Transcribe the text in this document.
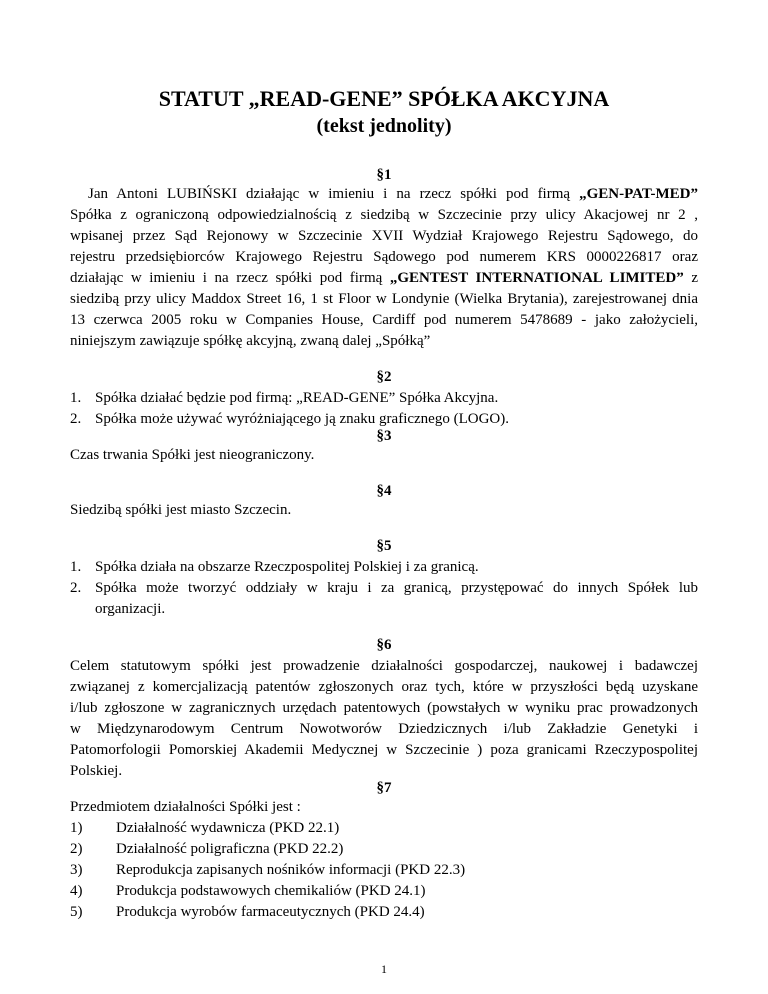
STATUT „READ-GENE” SPÓŁKA AKCYJNA
(tekst jednolity)
§1
Jan Antoni LUBIŃSKI działając w imieniu i na rzecz spółki pod firmą „GEN-PAT-MED”
Spółka z ograniczoną odpowiedzialnością z siedzibą w Szczecinie przy ulicy Akacjowej nr 2 ,
wpisanej przez Sąd Rejonowy w Szczecinie XVII Wydział Krajowego Rejestru Sądowego, do
rejestru przedsiębiorców Krajowego Rejestru Sądowego pod numerem KRS 0000226817 oraz
działając w imieniu i na rzecz spółki pod firmą „GENTEST INTERNATIONAL LIMITED” z
siedzibą przy ulicy Maddox Street 16, 1 st Floor w Londynie (Wielka Brytania), zarejestrowanej dnia
13 czerwca 2005 roku w Companies House, Cardiff pod numerem 5478689 - jako założycieli,
niniejszym zawiązuje spółkę akcyjną, zwaną dalej „Spółką”
§2
1. Spółka działać będzie pod firmą: „READ-GENE” Spółka Akcyjna.
2. Spółka może używać wyróżniającego ją znaku graficznego (LOGO).
§3
Czas trwania Spółki jest nieograniczony.
§4
Siedzibą spółki jest miasto Szczecin.
§5
1. Spółka działa na obszarze Rzeczpospolitej Polskiej i za granicą.
2. Spółka może tworzyć oddziały w kraju i za granicą, przystępować do innych Spółek lub
organizacji.
§6
Celem statutowym spółki jest prowadzenie działalności gospodarczej, naukowej i badawczej
związanej z komercjalizacją patentów zgłoszonych oraz tych, które w przyszłości będą uzyskane
i/lub zgłoszone w zagranicznych urzędach patentowych (powstałych w wyniku prac prowadzonych
w Międzynarodowym Centrum Nowotworów Dziedzicznych i/lub Zakładzie Genetyki i
Patomorfologii Pomorskiej Akademii Medycznej w Szczecinie ) poza granicami Rzeczypospolitej
Polskiej.
§7
Przedmiotem działalności Spółki jest :
1)	Działalność wydawnicza (PKD 22.1)
2)	Działalność poligraficzna (PKD 22.2)
3)	Reprodukcja zapisanych nośników informacji (PKD 22.3)
4)	Produkcja podstawowych chemikaliów (PKD 24.1)
5)	Produkcja wyrobów farmaceutycznych (PKD 24.4)
1
